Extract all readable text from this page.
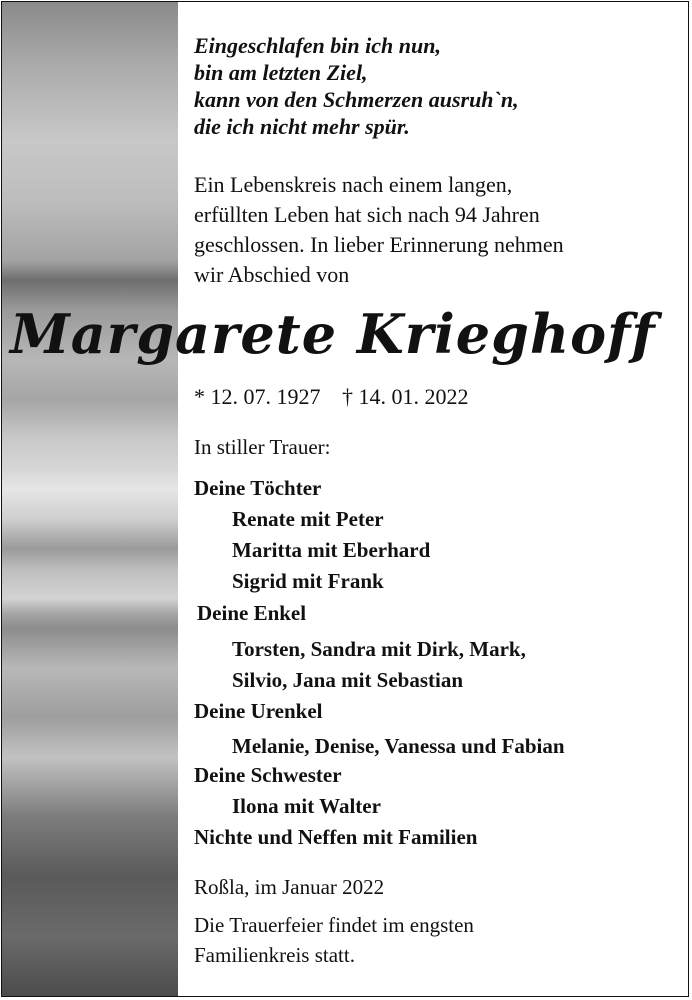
Eingeschlafen bin ich nun,
bin am letzten Ziel,
kann von den Schmerzen ausruh`n,
die ich nicht mehr spür.
Ein Lebenskreis nach einem langen,
erfüllten Leben hat sich nach 94 Jahren
geschlossen. In lieber Erinnerung nehmen
wir Abschied von
Margarete Krieghoff
* 12. 07. 1927 † 14. 01. 2022
In stiller Trauer:
Deine Töchter
Renate mit Peter
Maritta mit Eberhard
Sigrid mit Frank
Deine Enkel
Torsten, Sandra mit Dirk, Mark,
Silvio, Jana mit Sebastian
Deine Urenkel
Melanie, Denise, Vanessa und Fabian
Deine Schwester
Ilona mit Walter
Nichte und Neffen mit Familien
Roßla, im Januar 2022
Die Trauerfeier findet im engsten
Familienkreis statt.
